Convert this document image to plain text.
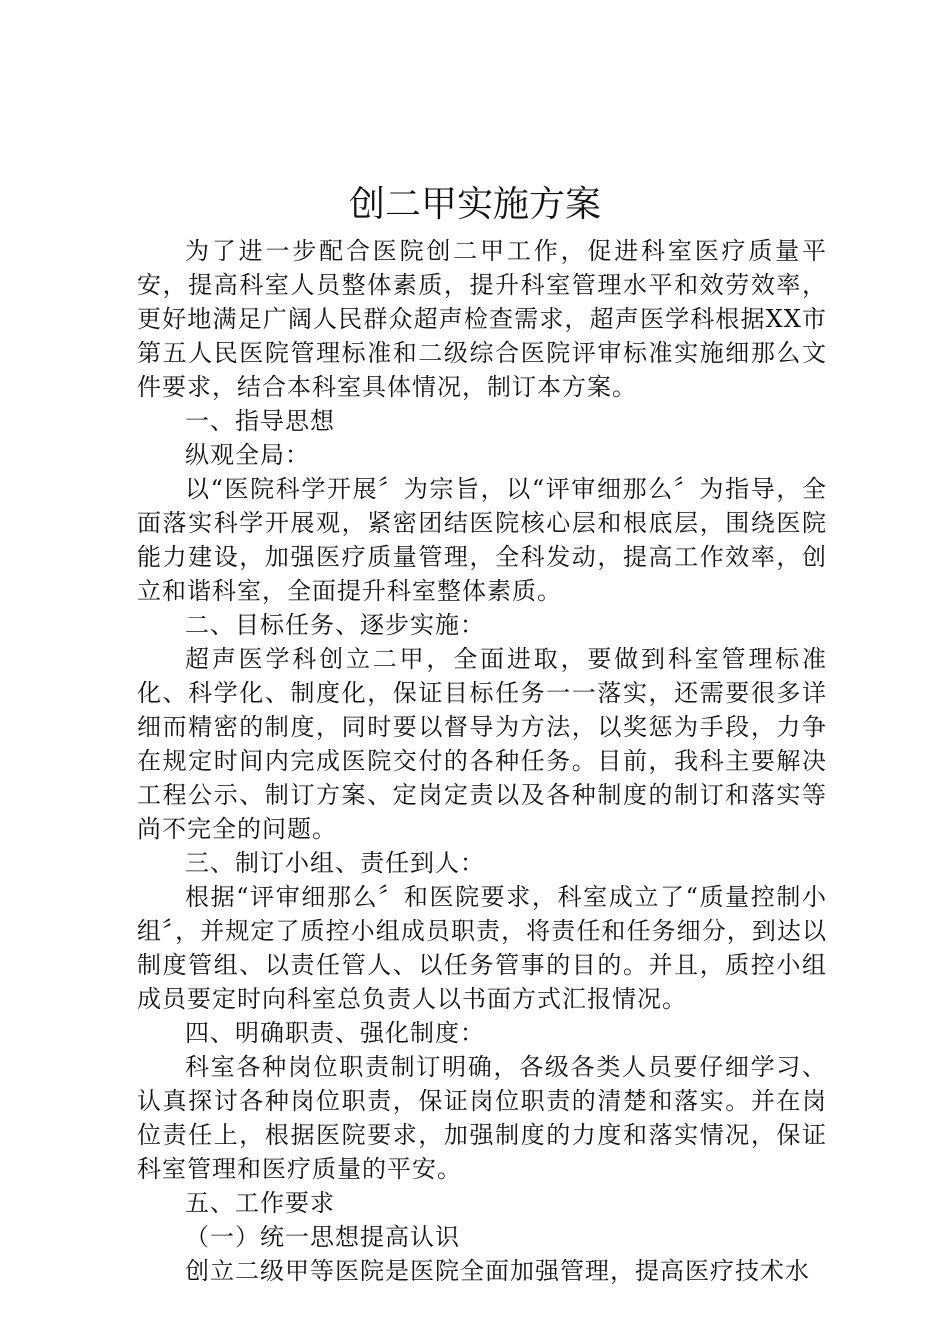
创二甲实施方案

为了进一步配合医院创二甲工作，促进科室医疗质量平安，提高科室人员整体素质，提升科室管理水平和效劳效率，更好地满足广阔人民群众超声检查需求，超声医学科根据XX市第五人民医院管理标准和二级综合医院评审标准实施细那么文件要求，结合本科室具体情况，制订本方案。

一、指导思想

纵观全局：

以“医院科学开展〞为宗旨，以“评审细那么〞为指导，全面落实科学开展观，紧密团结医院核心层和根底层，围绕医院能力建设，加强医疗质量管理，全科发动，提高工作效率，创立和谐科室，全面提升科室整体素质。

二、目标任务、逐步实施：

超声医学科创立二甲，全面进取，要做到科室管理标准化、科学化、制度化，保证目标任务一一落实，还需要很多详细而精密的制度，同时要以督导为方法，以奖惩为手段，力争在规定时间内完成医院交付的各种任务。目前，我科主要解决工程公示、制订方案、定岗定责以及各种制度的制订和落实等尚不完全的问题。

三、制订小组、责任到人：

根据“评审细那么〞和医院要求，科室成立了“质量控制小组〞，并规定了质控小组成员职责，将责任和任务细分，到达以制度管组、以责任管人、以任务管事的目的。并且，质控小组成员要定时向科室总负责人以书面方式汇报情况。

四、明确职责、强化制度：

科室各种岗位职责制订明确，各级各类人员要仔细学习、认真探讨各种岗位职责，保证岗位职责的清楚和落实。并在岗位责任上，根据医院要求，加强制度的力度和落实情况，保证科室管理和医疗质量的平安。

五、工作要求

（一）统一思想提高认识

创立二级甲等医院是医院全面加强管理，提高医疗技术水
